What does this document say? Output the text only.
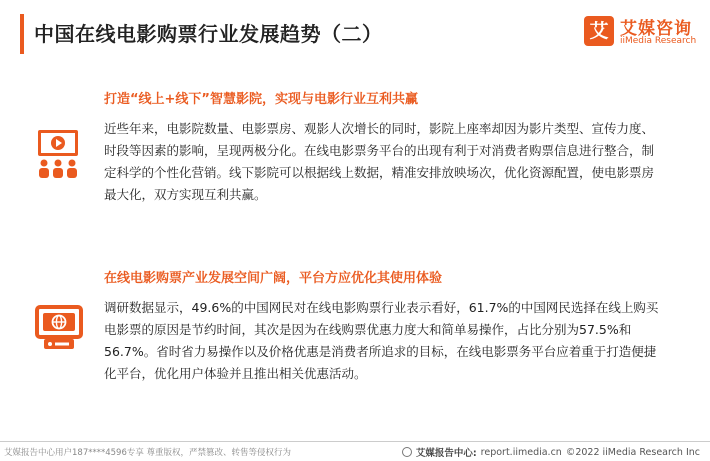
中国在线电影购票行业发展趋势（二）	艾 艾媒咨询
iiMedia Research
打造“线上+线下”智慧影院，实现与电影行业互利共赢
近些年来，电影院数量、电影票房、观影人次增长的同时，影院上座率却因为影片类型、宣传力度、时段等因素的影响，呈现两极分化。在线电影票务平台的出现有利于对消费者购票信息进行整合，制定科学的个性化营销。线下影院可以根据线上数据，精准安排放映场次，优化资源配置，使电影票房最大化，双方实现互利共赢。
在线电影购票产业发展空间广阔，平台方应优化其使用体验
调研数据显示，49.6%的中国网民对在线电影购票行业表示看好，61.7%的中国网民选择在线上购买电影票的原因是节约时间，其次是因为在线购票优惠力度大和简单易操作，占比分别为57.5%和56.7%。省时省力易操作以及价格优惠是消费者所追求的目标，在线电影票务平台应着重于打造便捷化平台，优化用户体验并且推出相关优惠活动。
艾媒报告中心用户187****4596专享 尊重版权，严禁篡改、转售等侵权行为	艾媒报告中心: report.iimedia.cn ©2022 iiMedia Research Inc
